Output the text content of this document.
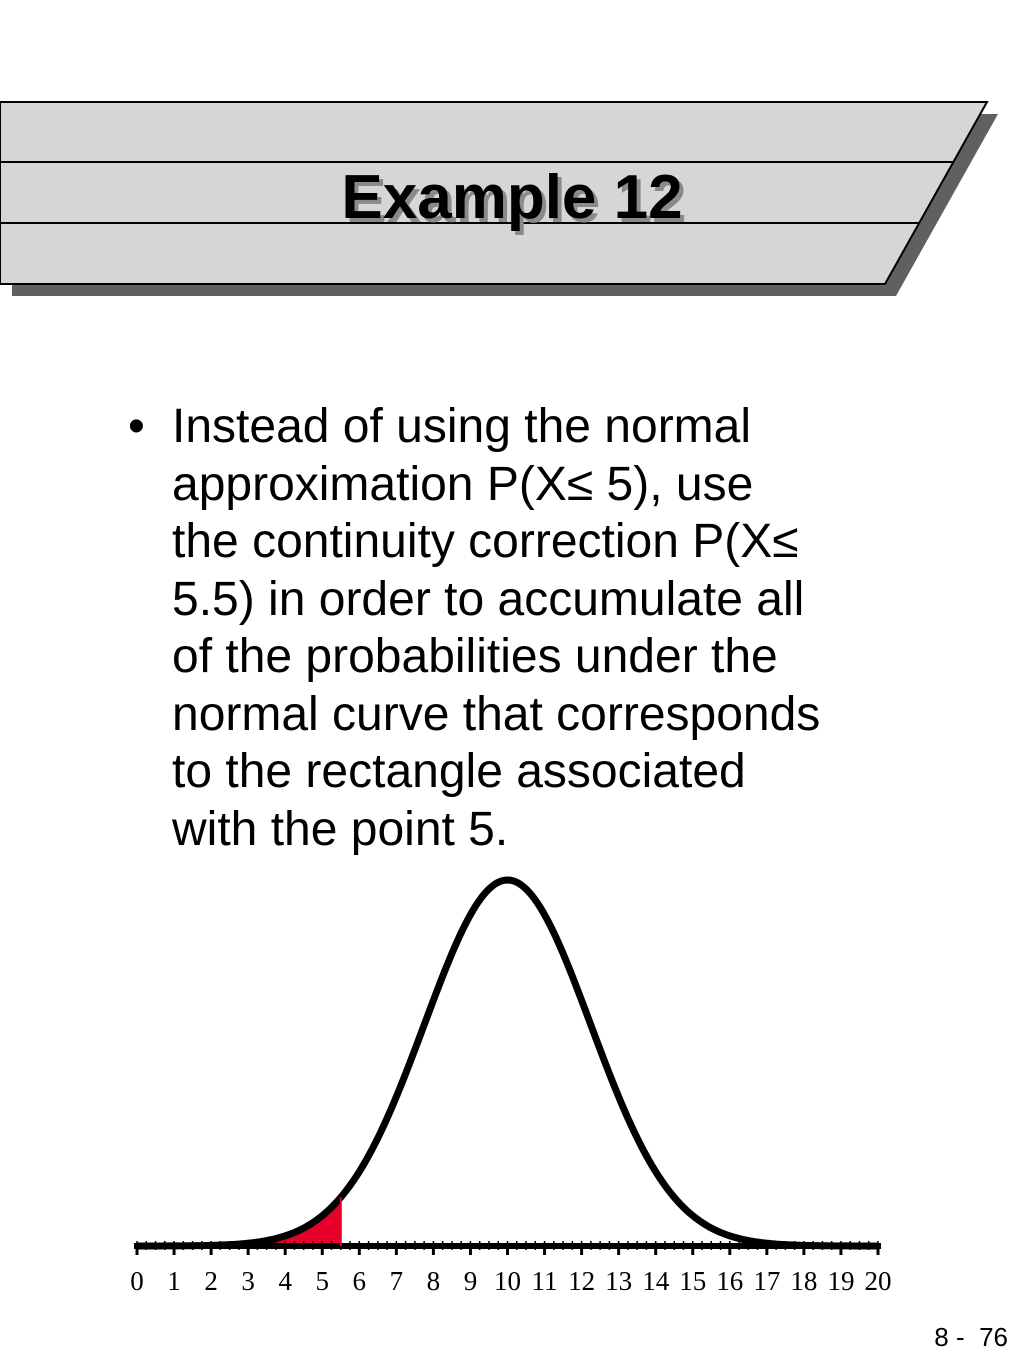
Example 12
• Instead of using the normal
approximation P(X≤ 5), use
the continuity correction P(X≤
5.5) in order to accumulate all
of the probabilities under the
normal curve that corresponds
to the rectangle associated
with the point 5.
0 1 2 3 4 5 6 7 8 9 10 11 12 13 14 15 16 17 18 19 20
8 -  76
